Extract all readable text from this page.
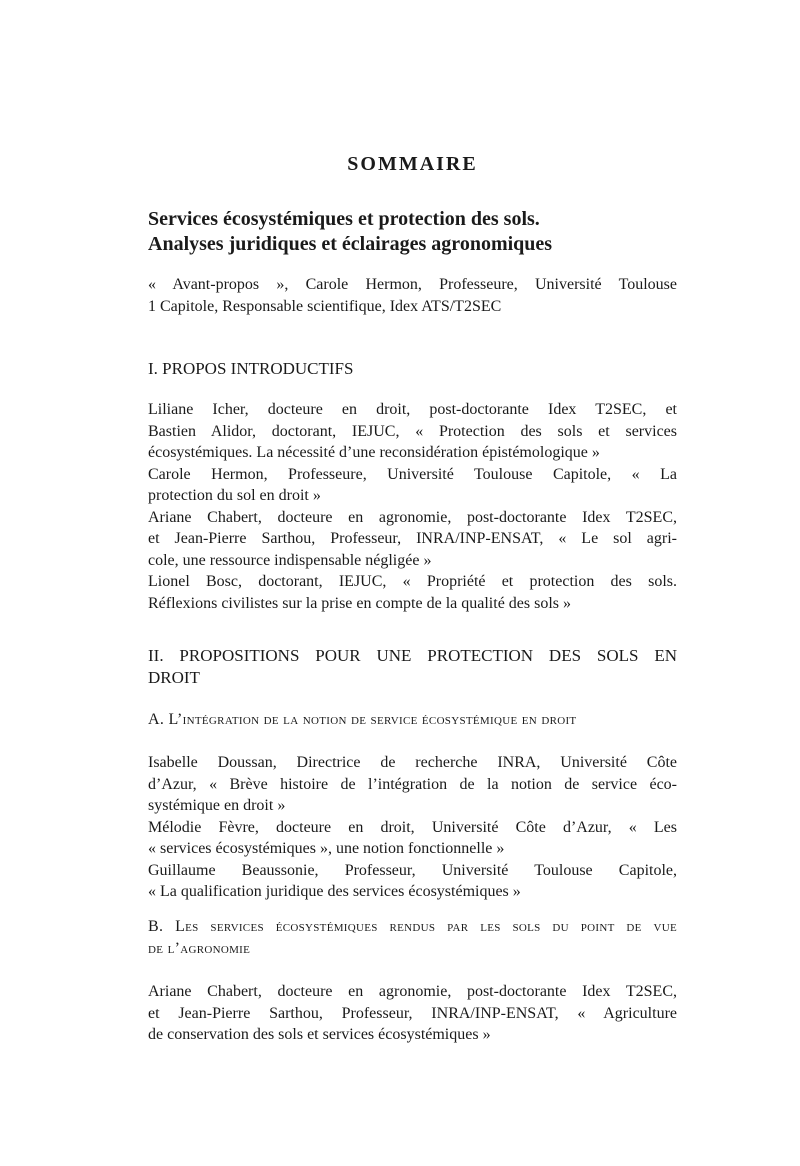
SOMMAIRE
Services écosystémiques et protection des sols.
Analyses juridiques et éclairages agronomiques
« Avant-propos », Carole Hermon, Professeure, Université Toulouse
1 Capitole, Responsable scientifique, Idex ATS/T2SEC
I. PROPOS INTRODUCTIFS
Liliane Icher, docteure en droit, post-doctorante Idex T2SEC, et
Bastien Alidor, doctorant, IEJUC, « Protection des sols et services
écosystémiques. La nécessité d’une reconsidération épistémologique »
Carole Hermon, Professeure, Université Toulouse Capitole, « La
protection du sol en droit »
Ariane Chabert, docteure en agronomie, post-doctorante Idex T2SEC,
et Jean-Pierre Sarthou, Professeur, INRA/INP-ENSAT, « Le sol agri-
cole, une ressource indispensable négligée »
Lionel Bosc, doctorant, IEJUC, « Propriété et protection des sols.
Réflexions civilistes sur la prise en compte de la qualité des sols »
II. PROPOSITIONS POUR UNE PROTECTION DES SOLS EN
DROIT
A. L’intégration de la notion de service écosystémique en droit
Isabelle Doussan, Directrice de recherche INRA, Université Côte
d’Azur, « Brève histoire de l’intégration de la notion de service éco-
systémique en droit »
Mélodie Fèvre, docteure en droit, Université Côte d’Azur, « Les
« services écosystémiques », une notion fonctionnelle »
Guillaume Beaussonie, Professeur, Université Toulouse Capitole,
« La qualification juridique des services écosystémiques »
B. Les services écosystémiques rendus par les sols du point de vue
de l’agronomie
Ariane Chabert, docteure en agronomie, post-doctorante Idex T2SEC,
et Jean-Pierre Sarthou, Professeur, INRA/INP-ENSAT, « Agriculture
de conservation des sols et services écosystémiques »
